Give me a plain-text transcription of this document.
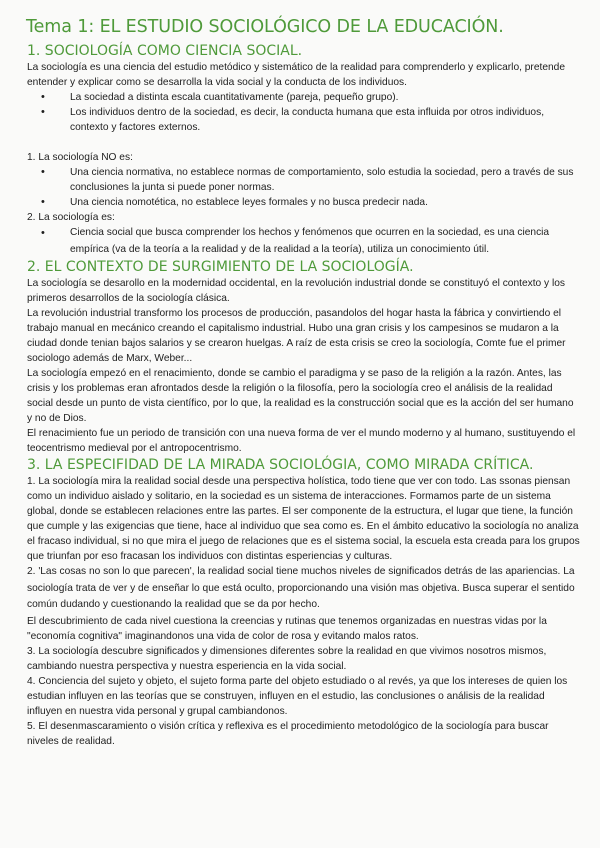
Tema 1: EL ESTUDIO SOCIOLÓGICO DE LA EDUCACIÓN.
1. SOCIOLOGÍA COMO CIENCIA SOCIAL.

La sociología es una ciencia del estudio metódico y sistemático de la realidad para comprenderlo y explicarlo, pretende entender y explicar como se desarrolla la vida social y la conducta de los individuos.

• La sociedad a distinta escala cuantitativamente (pareja, pequeño grupo).
• Los individuos dentro de la sociedad, es decir, la conducta humana que esta influida por otros individuos, contexto y factores externos.

1. La sociología NO es:

• Una ciencia normativa, no establece normas de comportamiento, solo estudia la sociedad, pero a través de sus conclusiones la junta si puede poner normas.
• Una ciencia nomotética, no establece leyes formales y no busca predecir nada.

2. La sociología es:

• Ciencia social que busca comprender los hechos y fenómenos que ocurren en la sociedad, es una ciencia empírica (va de la teoría a la realidad y de la realidad a la teoría), utiliza un conocimiento útil.
2. EL CONTEXTO DE SURGIMIENTO DE LA SOCIOLOGÍA.

La sociología se desarollo en la modernidad occidental, en la revolución industrial donde se constituyó el contexto y los primeros desarrollos de la sociología clásica.

La revolución industrial transformo los procesos de producción, pasandolos del hogar hasta la fábrica y convirtiendo el trabajo manual en mecánico creando el capitalismo industrial. Hubo una gran crisis y los campesinos se mudaron a la ciudad donde tenian bajos salarios y se crearon huelgas. A raíz de esta crisis se creo la sociología, Comte fue el primer sociologo además de Marx, Weber...

La sociología empezó en el renacimiento, donde se cambio el paradigma y se paso de la religión a la razón. Antes, las crisis y los problemas eran afrontados desde la religión o la filosofía, pero la sociología creo el análisis de la realidad social desde un punto de vista científico, por lo que, la realidad es la construcción social que es la acción del ser humano y no de Dios.

El renacimiento fue un periodo de transición con una nueva forma de ver el mundo moderno y al humano, sustituyendo el teocentrismo medieval por el antropocentrismo.

3. LA ESPECIFIDAD DE LA MIRADA SOCIOLÓGIA, COMO MIRADA CRÍTICA.

1. La sociología mira la realidad social desde una perspectiva holística, todo tiene que ver con todo. Las ssonas piensan como un individuo aislado y solitario, en la sociedad es un sistema de interacciones. Formamos parte de un sistema global, donde se establecen relaciones entre las partes. El ser componente de la estructura, el lugar que tiene, la función que cumple y las exigencias que tiene, hace al individuo que sea como es. En el ámbito educativo la sociología no analiza el fracaso individual, si no que mira el juego de relaciones que es el sistema social, la escuela esta creada para los grupos que triunfan por eso fracasan los individuos con distintas esperiencias y culturas.

2. 'Las cosas no son lo que parecen', la realidad social tiene muchos niveles de significados detrás de las apariencias. La sociología trata de ver y de enseñar lo que está oculto, proporcionando una visión mas objetiva. Busca superar el sentido común dudando y cuestionando la realidad que se da por hecho.

El descubrimiento de cada nivel cuestiona la creencias y rutinas que tenemos organizadas en nuestras vidas por la "economía cognitiva" imaginandonos una vida de color de rosa y evitando malos ratos.

3. La sociología descubre significados y dimensiones diferentes sobre la realidad en que vivimos nosotros mismos, cambiando nuestra perspectiva y nuestra esperiencia en la vida social.

4. Conciencia del sujeto y objeto, el sujeto forma parte del objeto estudiado o al revés, ya que los intereses de quien los estudian influyen en las teorías que se construyen, influyen en el estudio, las conclusiones o análisis de la realidad influyen en nuestra vida personal y grupal cambiandonos.

5. El desenmascaramiento o visión crítica y reflexiva es el procedimiento metodológico de la sociología para buscar niveles de realidad.
